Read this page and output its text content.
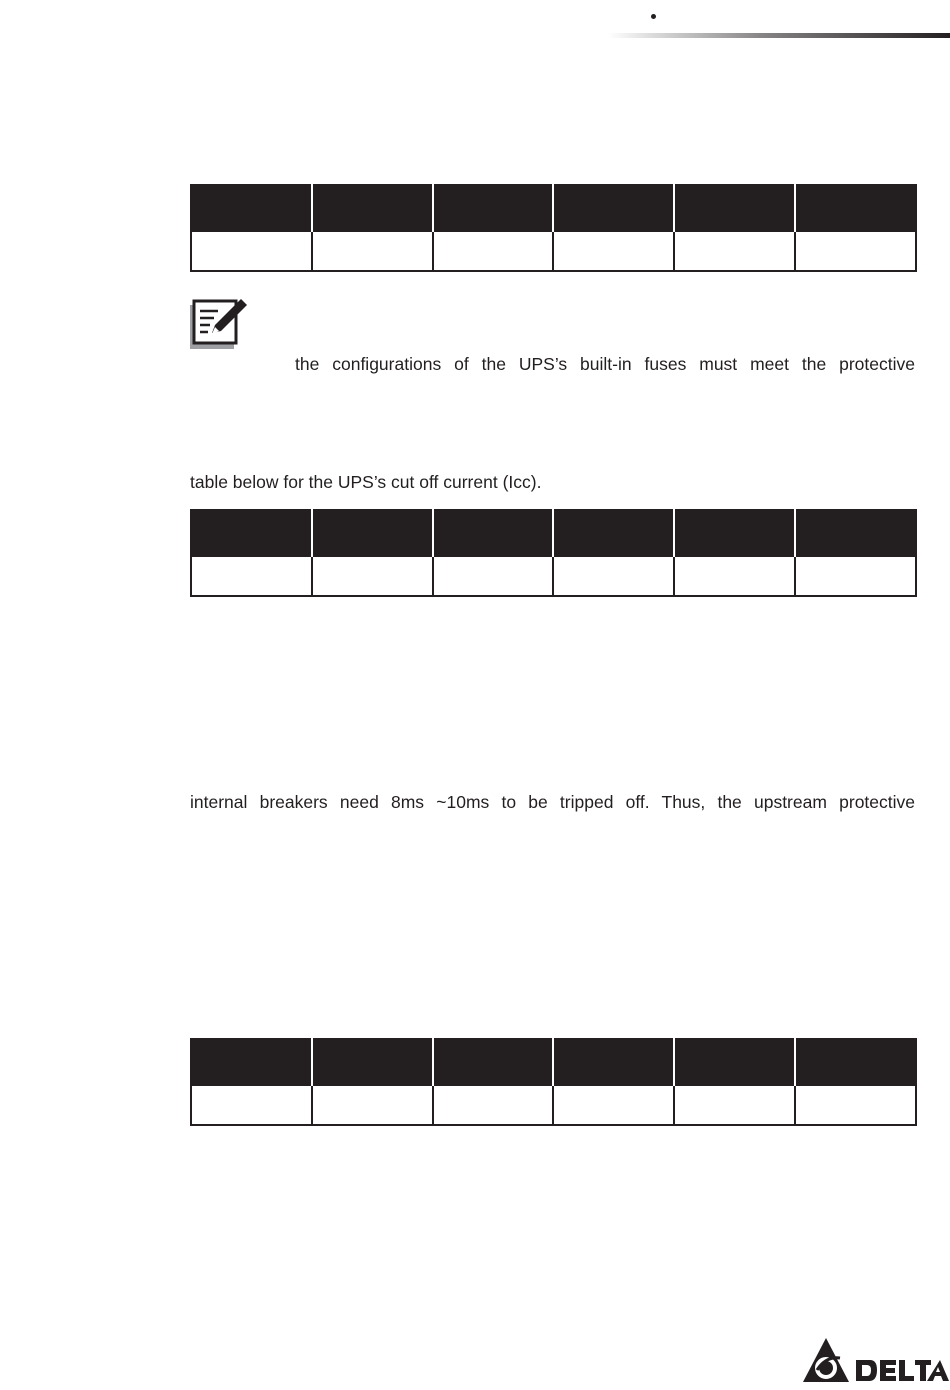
the configurations of the UPS’s built-in fuses must meet the protective

table below for the UPS’s cut off current (Icc).

internal breakers need 8ms ~10ms to be tripped off. Thus, the upstream protective
